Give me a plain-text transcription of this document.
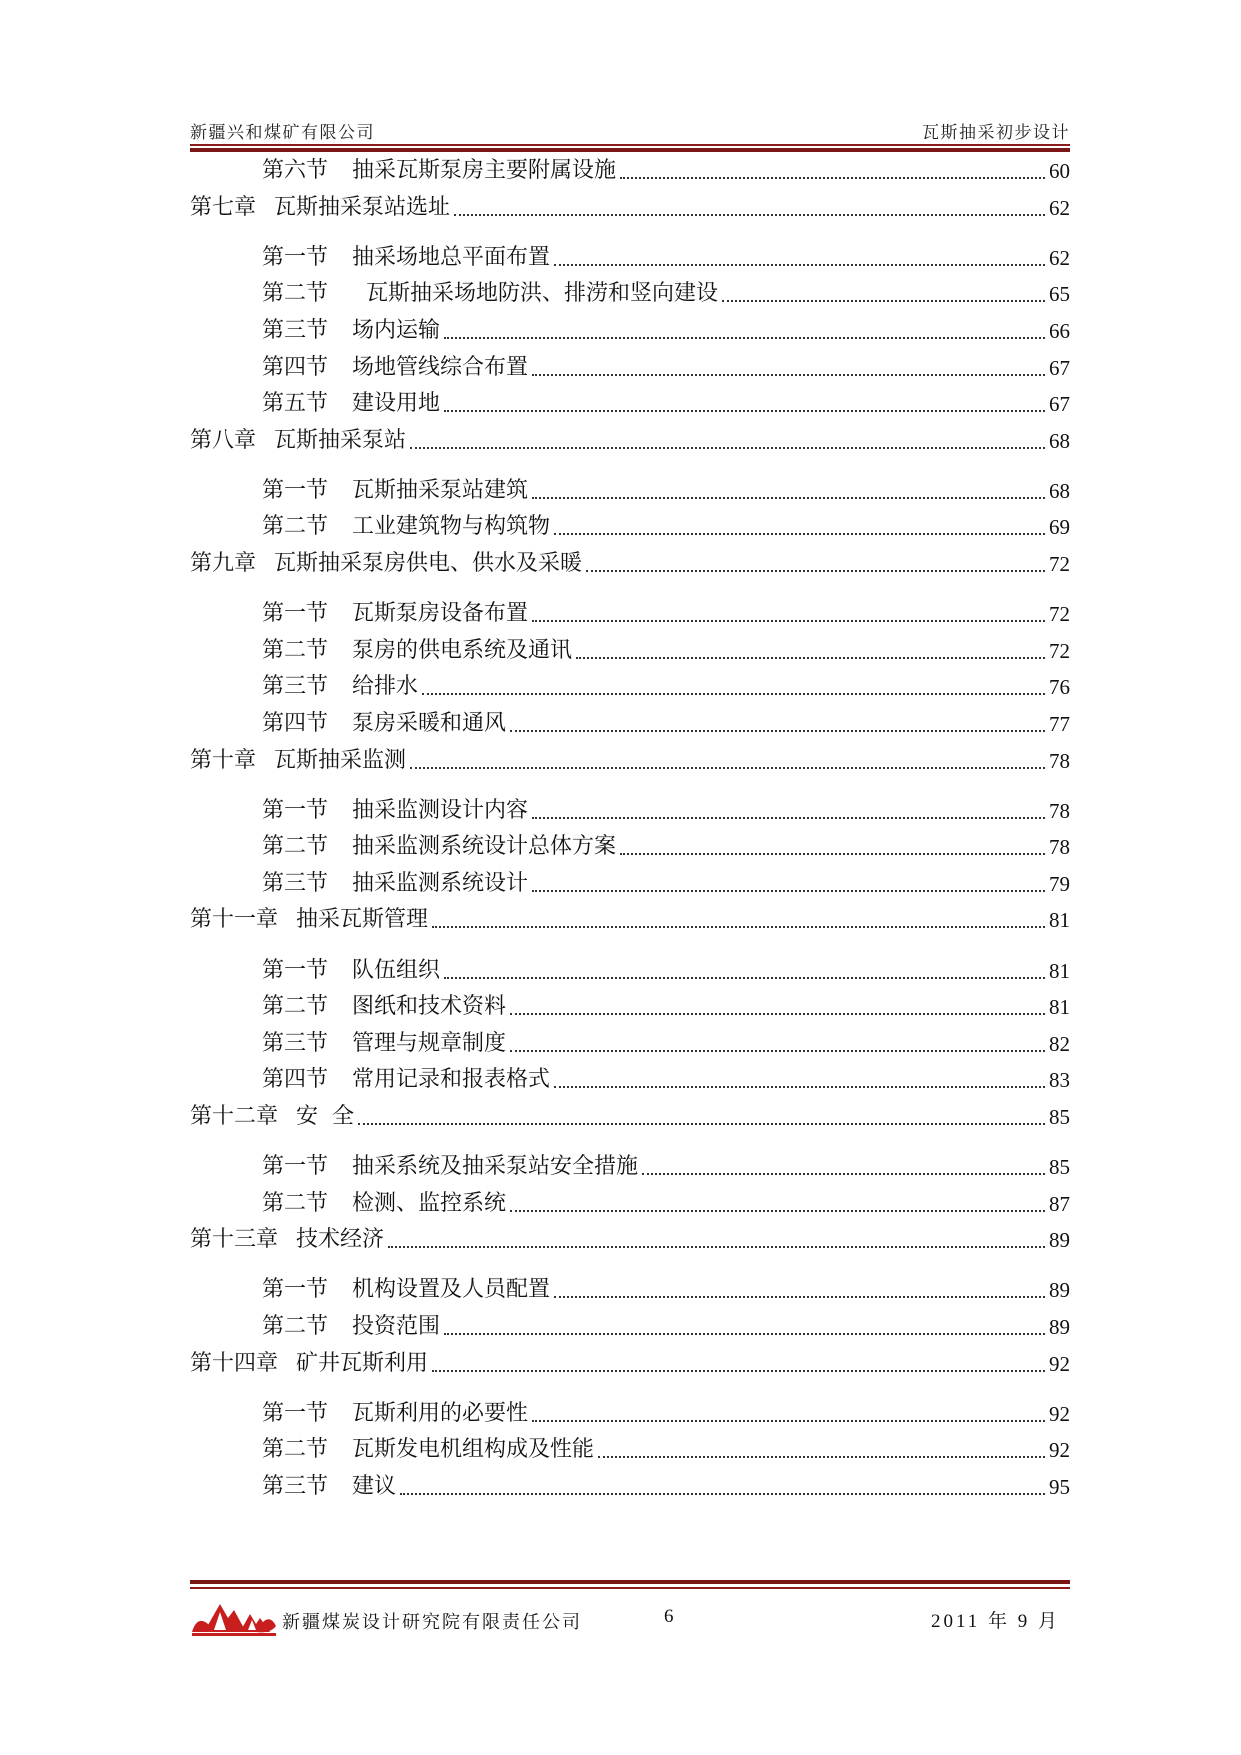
新疆兴和煤矿有限公司	瓦斯抽采初步设计
第六节	抽采瓦斯泵房主要附属设施	60
第七章 瓦斯抽采泵站选址	62
第一节	抽采场地总平面布置	62
第二节	瓦斯抽采场地防洪、排涝和竖向建设	65
第三节	场内运输	66
第四节	场地管线综合布置	67
第五节	建设用地	67
第八章 瓦斯抽采泵站	68
第一节	瓦斯抽采泵站建筑	68
第二节	工业建筑物与构筑物	69
第九章 瓦斯抽采泵房供电、供水及采暖	72
第一节	瓦斯泵房设备布置	72
第二节	泵房的供电系统及通讯	72
第三节	给排水	76
第四节	泵房采暖和通风	77
第十章 瓦斯抽采监测	78
第一节	抽采监测设计内容	78
第二节	抽采监测系统设计总体方案	78
第三节	抽采监测系统设计	79
第十一章 抽采瓦斯管理	81
第一节	队伍组织	81
第二节	图纸和技术资料	81
第三节	管理与规章制度	82
第四节	常用记录和报表格式	83
第十二章 安  全	85
第一节	抽采系统及抽采泵站安全措施	85
第二节	检测、监控系统	87
第十三章 技术经济	89
第一节	机构设置及人员配置	89
第二节	投资范围	89
第十四章 矿井瓦斯利用	92
第一节	瓦斯利用的必要性	92
第二节	瓦斯发电机组构成及性能	92
第三节	建议	95
新疆煤炭设计研究院有限责任公司	6	2011 年 9 月
